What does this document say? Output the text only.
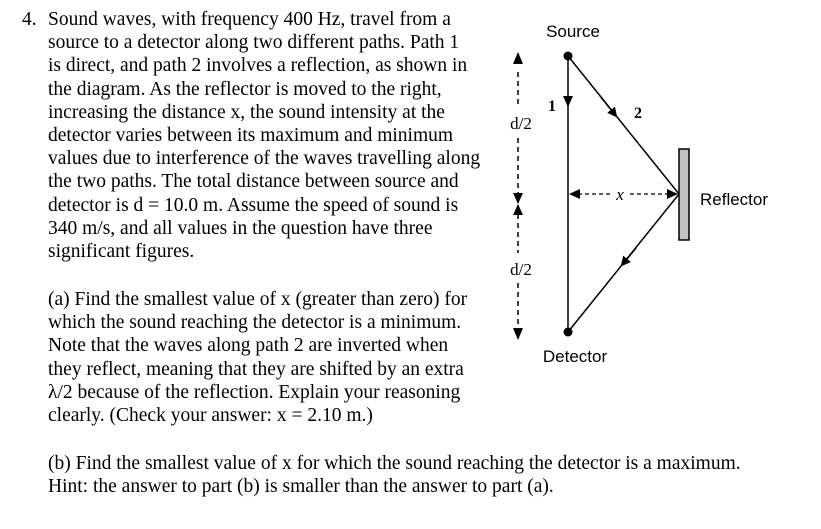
4. Sound waves, with frequency 400 Hz, travel from a
source to a detector along two different paths. Path 1
is direct, and path 2 involves a reflection, as shown in
the diagram. As the reflector is moved to the right,
increasing the distance x, the sound intensity at the
detector varies between its maximum and minimum
values due to interference of the waves travelling along
the two paths. The total distance between source and
detector is d = 10.0 m. Assume the speed of sound is
340 m/s, and all values in the question have three
significant figures.
(a) Find the smallest value of x (greater than zero) for
which the sound reaching the detector is a minimum.
Note that the waves along path 2 are inverted when
they reflect, meaning that they are shifted by an extra
λ/2 because of the reflection. Explain your reasoning
clearly. (Check your answer: x = 2.10 m.)
(b) Find the smallest value of x for which the sound reaching the detector is a maximum.
Hint: the answer to part (b) is smaller than the answer to part (a).
Source
Detector
Reflector
1	2
x
d/2
d/2
